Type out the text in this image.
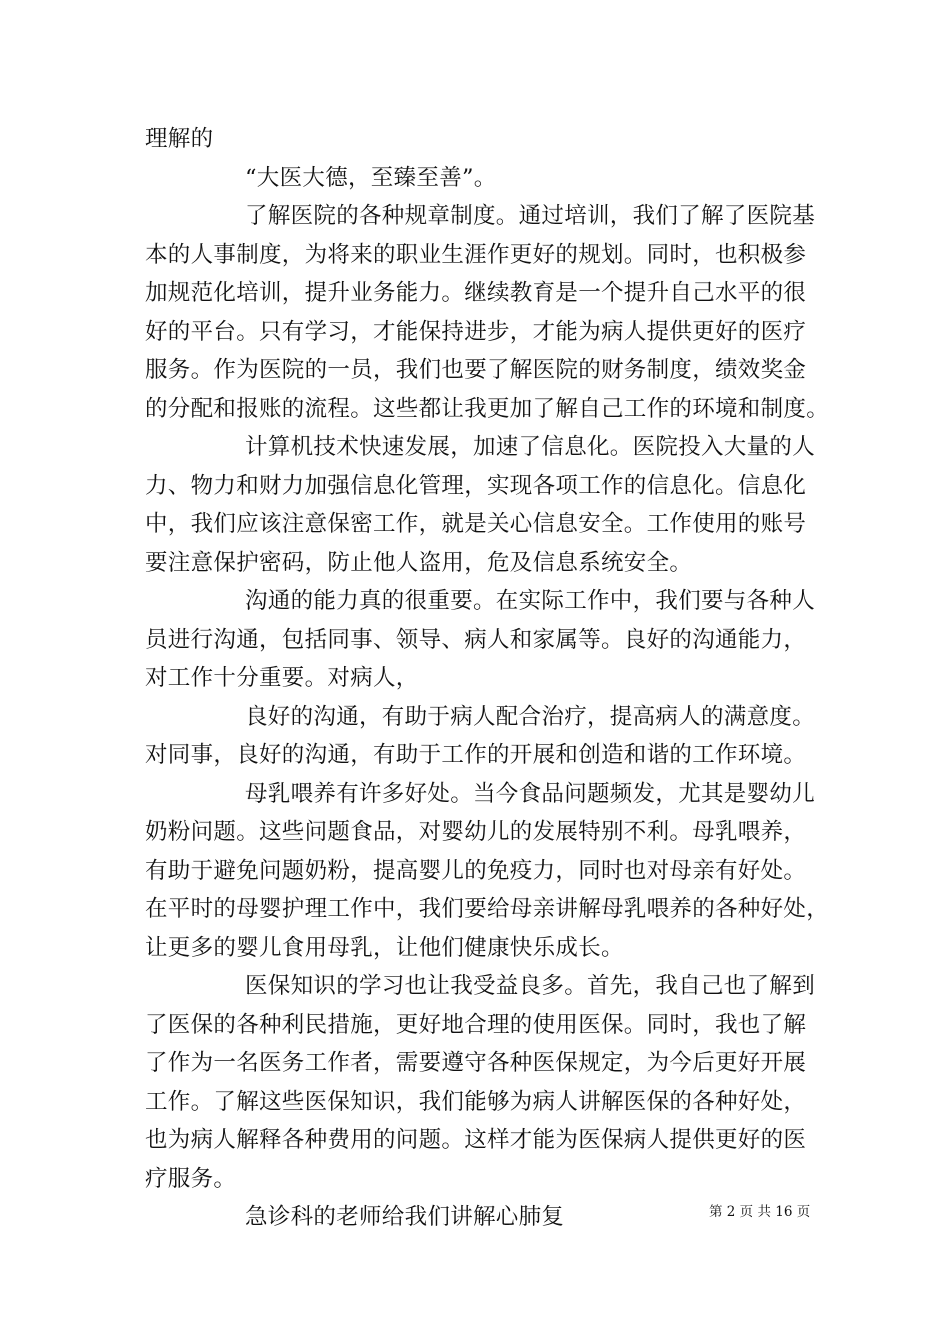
理解的
“大医大德，至臻至善”。
了解医院的各种规章制度。通过培训，我们了解了医院基
本的人事制度，为将来的职业生涯作更好的规划。同时，也积极参
加规范化培训，提升业务能力。继续教育是一个提升自己水平的很
好的平台。只有学习，才能保持进步，才能为病人提供更好的医疗
服务。作为医院的一员，我们也要了解医院的财务制度，绩效奖金
的分配和报账的流程。这些都让我更加了解自己工作的环境和制度。
计算机技术快速发展，加速了信息化。医院投入大量的人
力、物力和财力加强信息化管理，实现各项工作的信息化。信息化
中，我们应该注意保密工作，就是关心信息安全。工作使用的账号
要注意保护密码，防止他人盗用，危及信息系统安全。
沟通的能力真的很重要。在实际工作中，我们要与各种人
员进行沟通，包括同事、领导、病人和家属等。良好的沟通能力，
对工作十分重要。对病人，
良好的沟通，有助于病人配合治疗，提高病人的满意度。
对同事，良好的沟通，有助于工作的开展和创造和谐的工作环境。
母乳喂养有许多好处。当今食品问题频发，尤其是婴幼儿
奶粉问题。这些问题食品，对婴幼儿的发展特别不利。母乳喂养，
有助于避免问题奶粉，提高婴儿的免疫力，同时也对母亲有好处。
在平时的母婴护理工作中，我们要给母亲讲解母乳喂养的各种好处，
让更多的婴儿食用母乳，让他们健康快乐成长。
医保知识的学习也让我受益良多。首先，我自己也了解到
了医保的各种利民措施，更好地合理的使用医保。同时，我也了解
了作为一名医务工作者，需要遵守各种医保规定，为今后更好开展
工作。了解这些医保知识，我们能够为病人讲解医保的各种好处，
也为病人解释各种费用的问题。这样才能为医保病人提供更好的医
疗服务。
急诊科的老师给我们讲解心肺复	第 2 页 共 16 页
